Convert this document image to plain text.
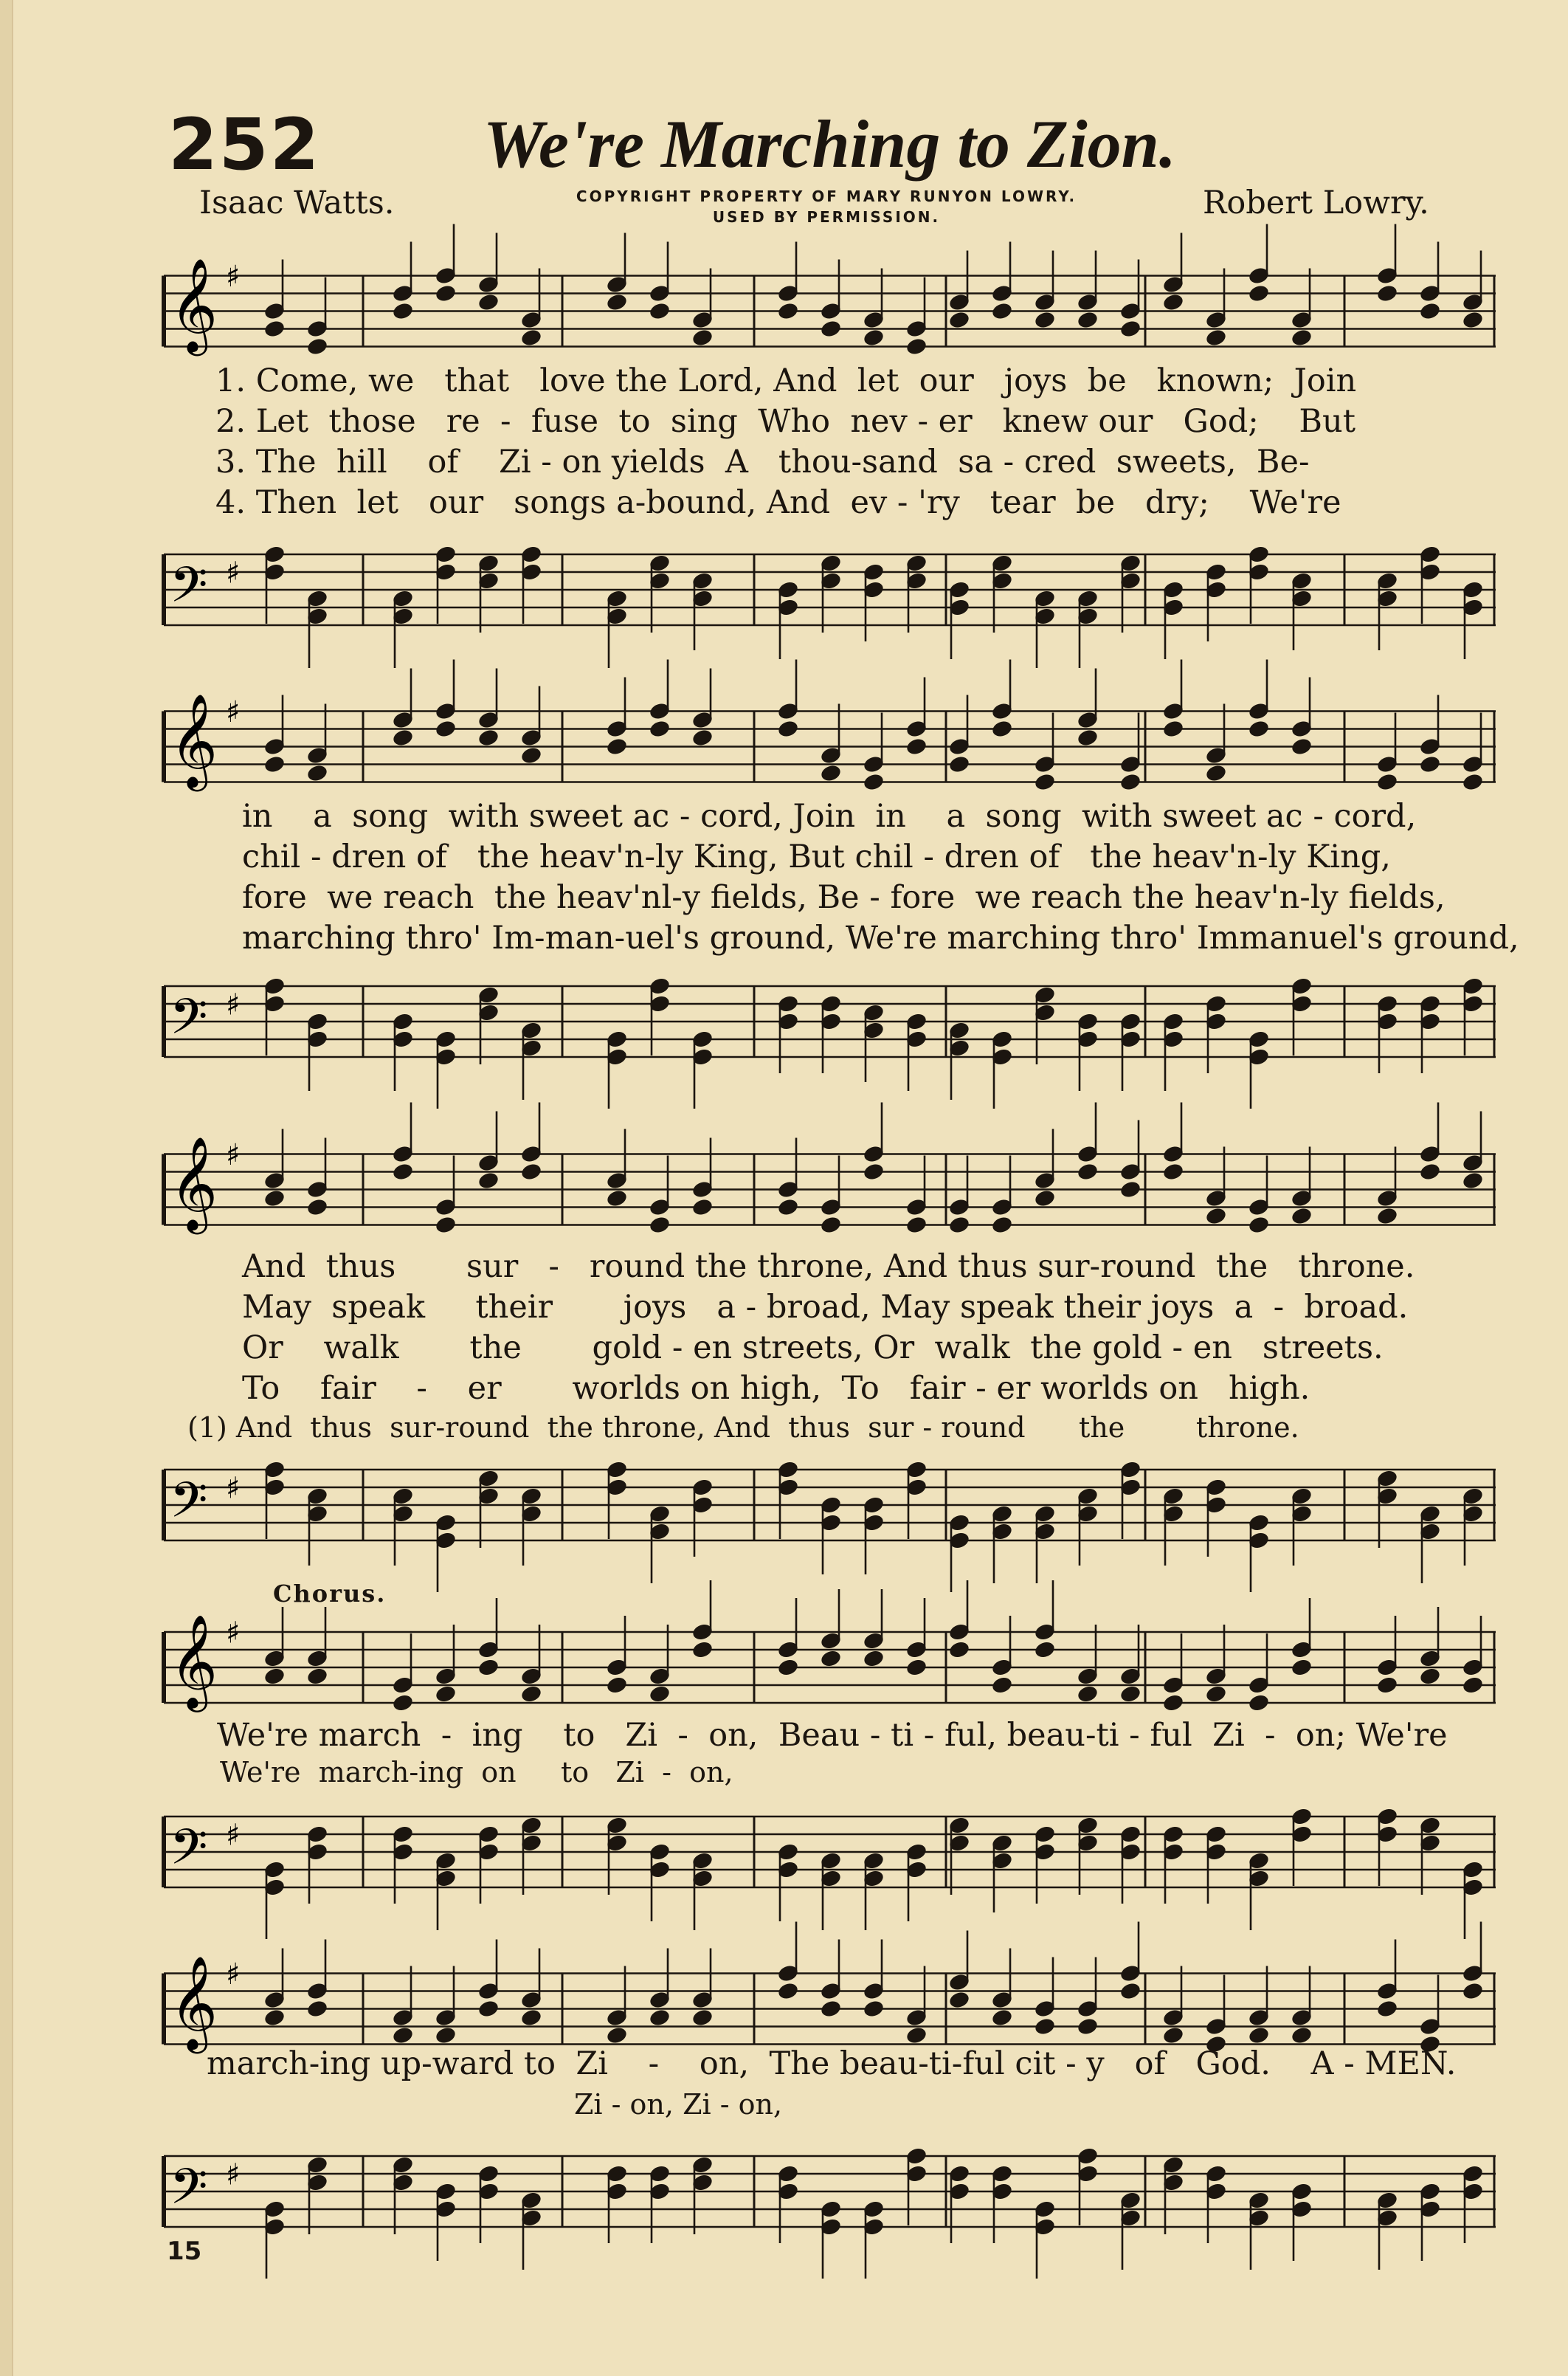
252 We're Marching to Zion.
Isaac Watts.	COPYRIGHT PROPERTY OF MARY RUNYON LOWRY.
USED BY PERMISSION.	Robert Lowry.
𝄞 ♯
1. Come, we   that   love the Lord, And  let  our   joys  be   known;  Join
2. Let  those   re  -  fuse  to  sing  Who  nev - er   knew our   God;    But
3. The  hill    of    Zi - on yields  A   thou-sand  sa - cred  sweets,  Be-
4. Then  let   our   songs a-bound, And  ev - 'ry   tear  be   dry;    We're
𝄢 ♯
𝄞 ♯
in    a  song  with sweet ac - cord, Join  in    a  song  with sweet ac - cord,
chil - dren of   the heav'n-ly King, But chil - dren of   the heav'n-ly King,
fore  we reach  the heav'nl-y fields, Be - fore  we reach the heav'n-ly fields,
marching thro' Im-man-uel's ground, We're marching thro' Immanuel's ground,
𝄢 ♯
𝄞 ♯
And  thus       sur   -   round the throne, And thus sur-round  the   throne.
May  speak     their       joys   a - broad, May speak their joys  a  -  broad.
Or    walk       the       gold - en streets, Or  walk  the gold - en   streets.
To    fair    -    er       worlds on high,  To   fair - er worlds on   high.
(1) And  thus  sur-round  the throne, And  thus  sur - round      the        throne.
𝄢 ♯
Chorus.
𝄞 ♯
We're march  -  ing    to   Zi  -  on,  Beau - ti - ful, beau-ti - ful  Zi  -  on; We're
We're  march-ing  on     to   Zi  -  on,
𝄢 ♯
𝄞 ♯
march-ing up-ward to  Zi    -    on,  The beau-ti-ful cit - y   of   God.    A - MEN.
Zi - on, Zi - on,
𝄢 ♯
15
